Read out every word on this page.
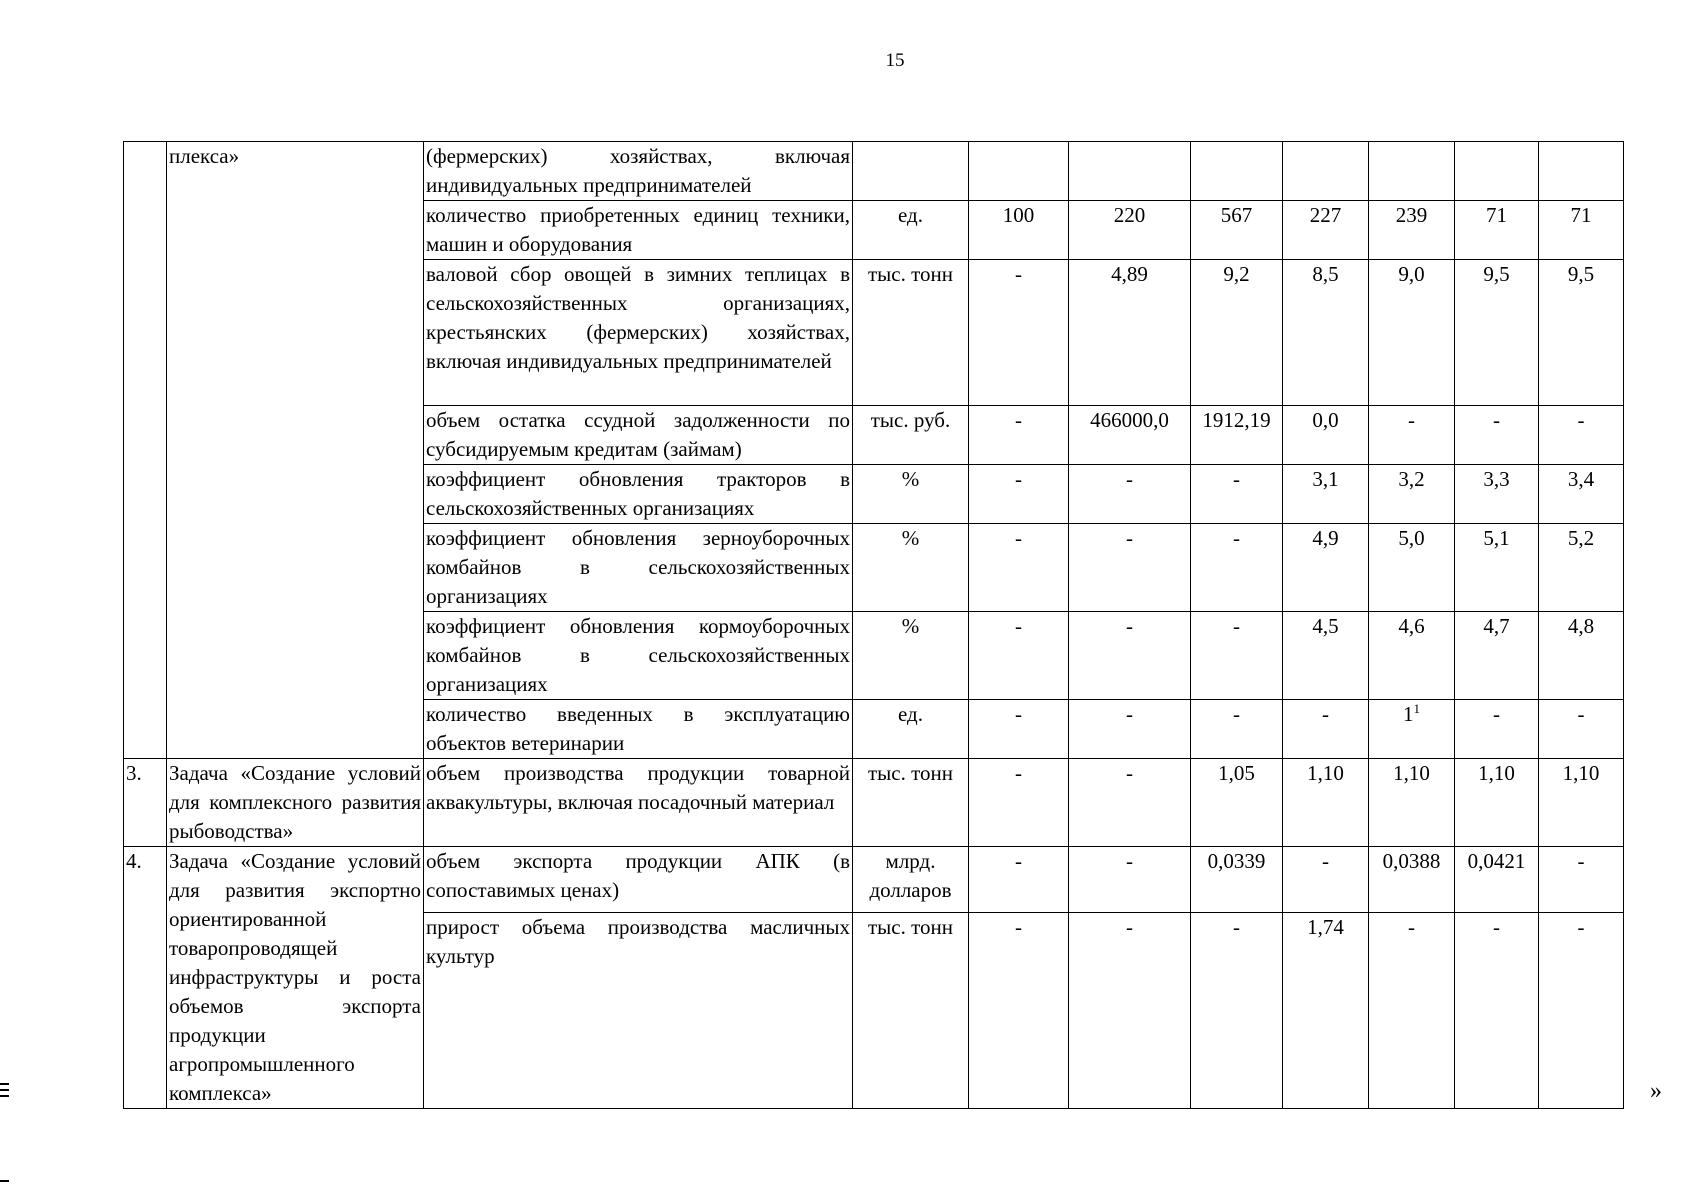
15
	плекса»	(фермерских) хозяйствах, включая индивидуальных предпринимателей								
		количество приобретенных единиц техники, машин и оборудования	ед.	100	220	567	227	239	71	71
		валовой сбор овощей в зимних теплицах в сельскохозяйственных организациях, крестьянских (фермерских) хозяйствах, включая индивидуальных предпринимателей	тыс. тонн	-	4,89	9,2	8,5	9,0	9,5	9,5
		объем остатка ссудной задолженности по субсидируемым кредитам (займам)	тыс. руб.	-	466000,0	1912,19	0,0	-	-	-
		коэффициент обновления тракторов в сельскохозяйственных организациях	%	-	-	-	3,1	3,2	3,3	3,4
		коэффициент обновления зерноуборочных комбайнов в сельскохозяйственных организациях	%	-	-	-	4,9	5,0	5,1	5,2
		коэффициент обновления кормоуборочных комбайнов в сельскохозяйственных организациях	%	-	-	-	4,5	4,6	4,7	4,8
		количество введенных в эксплуатацию объектов ветеринарии	ед.	-	-	-	-	$1^1$	-	-
3.	Задача «Создание условий для комплексного развития рыбоводства»	объем производства продукции товарной аквакультуры, включая посадочный материал	тыс. тонн	-	-	1,05	1,10	1,10	1,10	1,10
4.	Задача «Создание условий для развития экспортно ориентированной товаропроводящей инфраструктуры и роста объемов экспорта продукции агропромышленного комплекса»	объем экспорта продукции АПК (в сопоставимых ценах)	млрд. долларов	-	-	0,0339	-	0,0388	0,0421	-
		прирост объема производства масличных культур	тыс. тонн	-	-	-	1,74	-	-	-
»
